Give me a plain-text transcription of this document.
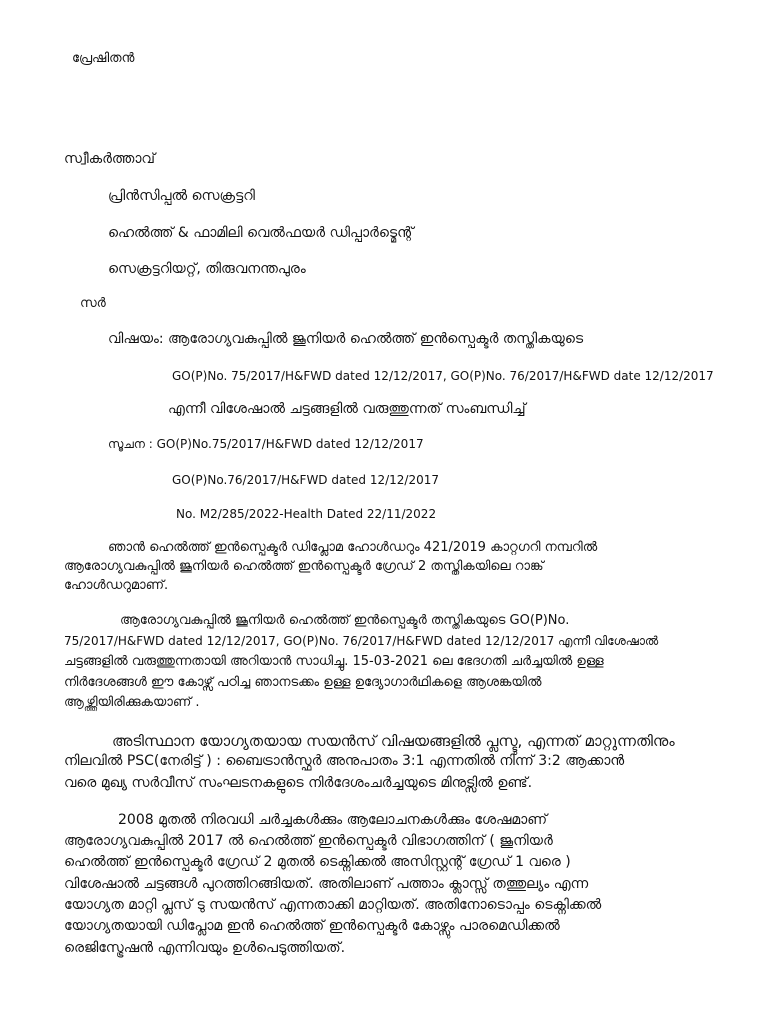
പ്രേഷിതൻ
സ്വീകർത്താവ്
പ്രിൻസിപ്പൽ സെക്രട്ടറി
ഹെൽത്ത് & ഫാമിലി വെൽഫയർ ഡിപ്പാർട്മെന്റ്
സെക്രട്ടറിയറ്റ്, തിരുവനന്തപുരം
സർ
വിഷയം: ആരോഗ്യവകുപ്പിൽ ജൂനിയർ ഹെൽത്ത് ഇൻസ്പെക്ടർ തസ്തികയുടെ
GO(P)No. 75/2017/H&FWD dated 12/12/2017, GO(P)No. 76/2017/H&FWD date 12/12/2017
എന്നീ വിശേഷാൽ ചട്ടങ്ങളിൽ വരുത്തുന്നത് സംബന്ധിച്ച്
സൂചന : GO(P)No.75/2017/H&FWD dated 12/12/2017
GO(P)No.76/2017/H&FWD dated 12/12/2017
No. M2/285/2022-Health Dated 22/11/2022
ഞാൻ ഹെൽത്ത് ഇൻസ്പെക്ടർ ഡിപ്ലോമ ഹോൾഡറും 421/2019 കാറ്റഗറി നമ്പറിൽ
ആരോഗ്യവകുപ്പിൽ ജൂനിയർ ഹെൽത്ത് ഇൻസ്പെക്ടർ ഗ്രേഡ് 2 തസ്തികയിലെ റാങ്ക്
ഹോൾഡറുമാണ്.
ആരോഗ്യവകുപ്പിൽ ജൂനിയർ ഹെൽത്ത് ഇൻസ്പെക്ടർ തസ്തികയുടെ GO(P)No.
75/2017/H&FWD dated 12/12/2017, GO(P)No. 76/2017/H&FWD dated 12/12/2017 എന്നീ വിശേഷാൽ
ചട്ടങ്ങളിൽ വരുത്തുന്നതായി അറിയാൻ സാധിച്ചു. 15-03-2021 ലെ ഭേദഗതി ചർച്ചയിൽ ഉള്ള
നിർദേശങ്ങൾ ഈ കോഴ്സ് പഠിച്ച ഞാനടക്കം ഉള്ള ഉദ്യോഗാർഥികളെ ആശങ്കയിൽ
ആഴ്ത്തിയിരിക്കുകയാണ് .
അടിസ്ഥാന യോഗ്യതയായ സയൻസ് വിഷയങ്ങളിൽ പ്ലസ്ടു, എന്നത് മാറ്റുന്നതിനും
നിലവിൽ PSC(നേരിട്ട് ) : ബൈട്രാൻസ്ഫർ അനുപാതം 3:1 എന്നതിൽ നിന്ന് 3:2 ആക്കാൻ
വരെ മുഖ്യ സർവീസ് സംഘടനകളുടെ നിർദേശംചർച്ചയുടെ മിനുട്സിൽ ഉണ്ട്.
2008 മുതൽ നിരവധി ചർച്ചകൾക്കും ആലോചനകൾക്കും ശേഷമാണ്
ആരോഗ്യവകുപ്പിൽ 2017 ൽ ഹെൽത്ത് ഇൻസ്പെക്ടർ വിഭാഗത്തിന് ( ജൂനിയർ
ഹെൽത്ത് ഇൻസ്പെക്ടർ ഗ്രേഡ് 2 മുതൽ ടെക്നിക്കൽ അസിസ്റ്റന്റ് ഗ്രേഡ് 1 വരെ )
വിശേഷാൽ ചട്ടങ്ങൾ പുറത്തിറങ്ങിയത്. അതിലാണ് പത്താം ക്ലാസ്സ് തത്തുല്യം എന്ന
യോഗ്യത മാറ്റി പ്ലസ് ടു സയൻസ് എന്നതാക്കി മാറ്റിയത്. അതിനോടൊപ്പം ടെക്നിക്കൽ
യോഗ്യതയായി ഡിപ്ലോമ ഇൻ ഹെൽത്ത് ഇൻസ്പെക്ടർ കോഴ്സും പാരമെഡിക്കൽ
രെജിസ്ട്രേഷൻ എന്നിവയും ഉൾപെടുത്തിയത്.
